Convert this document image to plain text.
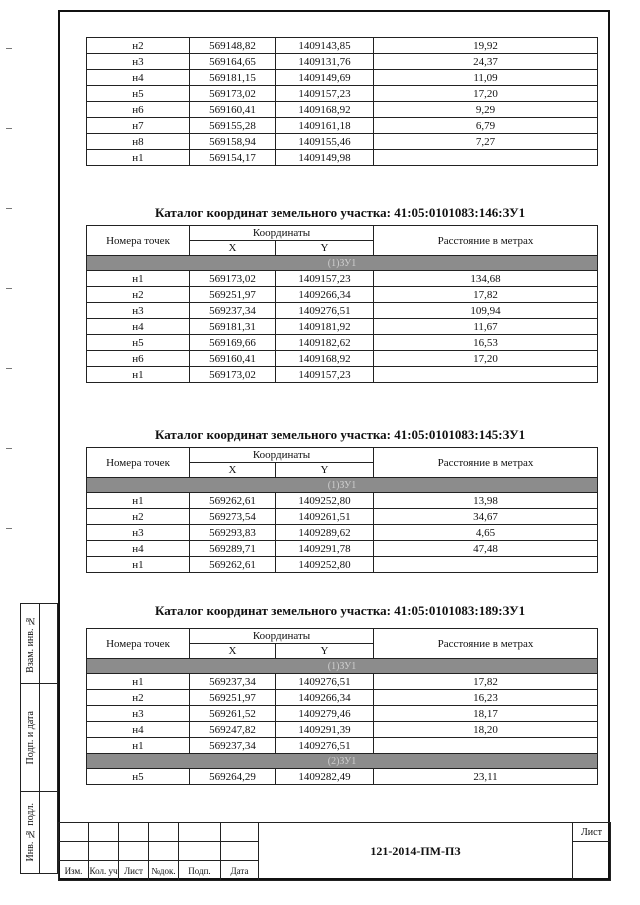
н2	569148,82	1409143,85	19,92
н3	569164,65	1409131,76	24,37
н4	569181,15	1409149,69	11,09
н5	569173,02	1409157,23	17,20
н6	569160,41	1409168,92	9,29
н7	569155,28	1409161,18	6,79
н8	569158,94	1409155,46	7,27
н1	569154,17	1409149,98	
Каталог координат земельного участка: 41:05:0101083:146:ЗУ1
Номера точек	Координаты		Расстояние в метрах
	X	Y	
(1)ЗУ1			
н1	569173,02	1409157,23	134,68
н2	569251,97	1409266,34	17,82
н3	569237,34	1409276,51	109,94
н4	569181,31	1409181,92	11,67
н5	569169,66	1409182,62	16,53
н6	569160,41	1409168,92	17,20
н1	569173,02	1409157,23	
Каталог координат земельного участка: 41:05:0101083:145:ЗУ1
Номера точек	Координаты		Расстояние в метрах
	X	Y	
(1)ЗУ1			
н1	569262,61	1409252,80	13,98
н2	569273,54	1409261,51	34,67
н3	569293,83	1409289,62	4,65
н4	569289,71	1409291,78	47,48
н1	569262,61	1409252,80	
Каталог координат земельного участка: 41:05:0101083:189:ЗУ1
Номера точек	Координаты		Расстояние в метрах
	X	Y	
(1)ЗУ1			
н1	569237,34	1409276,51	17,82
н2	569251,97	1409266,34	16,23
н3	569261,52	1409279,46	18,17
н4	569247,82	1409291,39	18,20
н1	569237,34	1409276,51	
(2)ЗУ1			
н5	569264,29	1409282,49	23,11
Взам. инв. №	

Подп. и дата	

Инв. № подл.	

							121-2014-ПМ-ПЗ	Лист

Изм.	Кол. уч	Лист	№док.	Подп.	Дата		
